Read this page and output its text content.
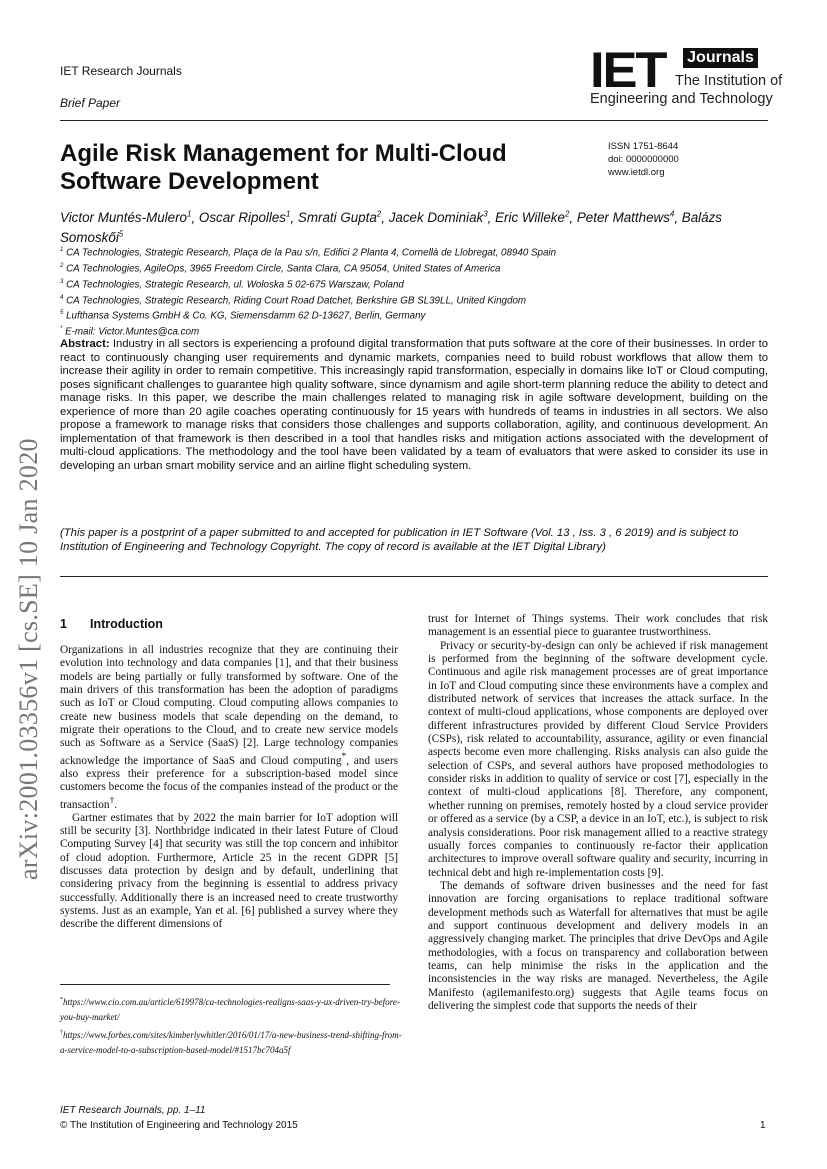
IET Research Journals
Brief Paper
IET Journals
The Institution of
Engineering and Technology
Agile Risk Management for Multi-Cloud Software Development
ISSN 1751-8644
doi: 0000000000
www.ietdl.org
Victor Muntés-Mulero$^1$, Oscar Ripolles$^1$, Smrati Gupta$^2$, Jacek Dominiak$^3$, Eric Willeke$^2$, Peter Matthews$^4$, Balázs Somoskői$^5$
$^1$ CA Technologies, Strategic Research, Plaça de la Pau s/n, Edifici 2 Planta 4, Cornellà de Llobregat, 08940 Spain
$^2$ CA Technologies, AgileOps, 3965 Freedom Circle, Santa Clara, CA 95054, United States of America
$^3$ CA Technologies, Strategic Research, ul. Woloska 5 02-675 Warszaw, Poland
$^4$ CA Technologies, Strategic Research, Riding Court Road Datchet, Berkshire GB SL39LL, United Kingdom
$^5$ Lufthansa Systems GmbH & Co. KG, Siemensdamm 62 D-13627, Berlin, Germany
* E-mail: Victor.Muntes@ca.com
Abstract: Industry in all sectors is experiencing a profound digital transformation that puts software at the core of their businesses. In order to react to continuously changing user requirements and dynamic markets, companies need to build robust workflows that allow them to increase their agility in order to remain competitive. This increasingly rapid transformation, especially in domains like IoT or Cloud computing, poses significant challenges to guarantee high quality software, since dynamism and agile short-term planning reduce the ability to detect and manage risks. In this paper, we describe the main challenges related to managing risk in agile software development, building on the experience of more than 20 agile coaches operating continuously for 15 years with hundreds of teams in industries in all sectors. We also propose a framework to manage risks that considers those challenges and supports collaboration, agility, and continuous development. An implementation of that framework is then described in a tool that handles risks and mitigation actions associated with the development of multi-cloud applications. The methodology and the tool have been validated by a team of evaluators that were asked to consider its use in developing an urban smart mobility service and an airline flight scheduling system.
(This paper is a postprint of a paper submitted to and accepted for publication in IET Software (Vol. 13 , Iss. 3 , 6 2019) and is subject to Institution of Engineering and Technology Copyright. The copy of record is available at the IET Digital Library)
arXiv:2001.03356v1 [cs.SE] 10 Jan 2020 1 Introduction

Organizations in all industries recognize that they are continuing their evolution into technology and data companies [1], and that their business models are being partially or fully transformed by software. One of the main drivers of this transformation has been the adoption of paradigms such as IoT or Cloud computing. Cloud computing allows companies to create new business models that scale depending on the demand, to migrate their operations to the Cloud, and to create new service models such as Software as a Service (SaaS) [2]. Large technology companies acknowledge the importance of SaaS and Cloud computing*, and users also express their preference for a subscription-based model since customers become the focus of the companies instead of the product or the transaction†.

Gartner estimates that by 2022 the main barrier for IoT adoption will still be security [3]. Northbridge indicated in their latest Future of Cloud Computing Survey [4] that security was still the top concern and inhibitor of cloud adoption. Furthermore, Article 25 in the recent GDPR [5] discusses data protection by design and by default, underlining that considering privacy from the beginning is essential to address privacy successfully. Additionally there is an increased need to create trustworthy systems. Just as an example, Yan et al. [6] published a survey where they describe the different dimensions of

trust for Internet of Things systems. Their work concludes that risk management is an essential piece to guarantee trustworthiness.

Privacy or security-by-design can only be achieved if risk management is performed from the beginning of the software development cycle. Continuous and agile risk management processes are of great importance in IoT and Cloud computing since these environments have a complex and distributed network of services that increases the attack surface. In the context of multi-cloud applications, whose components are deployed over different infrastructures provided by different Cloud Service Providers (CSPs), risk related to accountability, assurance, agility or even financial aspects become even more challenging. Risks analysis can also guide the selection of CSPs, and several authors have proposed methodologies to consider risks in addition to quality of service or cost [7], especially in the context of multi-cloud applications [8]. Therefore, any component, whether running on premises, remotely hosted by a cloud service provider or offered as a service (by a CSP, a device in an IoT, etc.), is subject to risk analysis considerations. Poor risk management allied to a reactive strategy usually forces companies to continuously re-factor their application architectures to improve overall software quality and security, incurring in technical debt and high re-implementation costs [9].

The demands of software driven businesses and the need for fast innovation are forcing organisations to replace traditional software development methods such as Waterfall for alternatives that must be agile and support continuous development and delivery models in an aggressively changing market. The principles that drive DevOps and Agile methodologies, with a focus on transparency and collaboration between teams, can help minimise the risks in the application and the inconsistencies in the way risks are managed. Nevertheless, the Agile Manifesto (agilemanifesto.org) suggests that Agile teams focus on delivering the simplest code that supports the needs of their

*https://www.cio.com.au/article/619978/ca-technologies-realigns-saas-y-ux-driven-try-before-you-buy-market/
†https://www.forbes.com/sites/kimberlywhitler/2016/01/17/a-new-business-trend-shifting-from-a-service-model-to-a-subscription-based-model/#1517bc704a5f
IET Research Journals, pp. 1–11
© The Institution of Engineering and Technology 2015	1
